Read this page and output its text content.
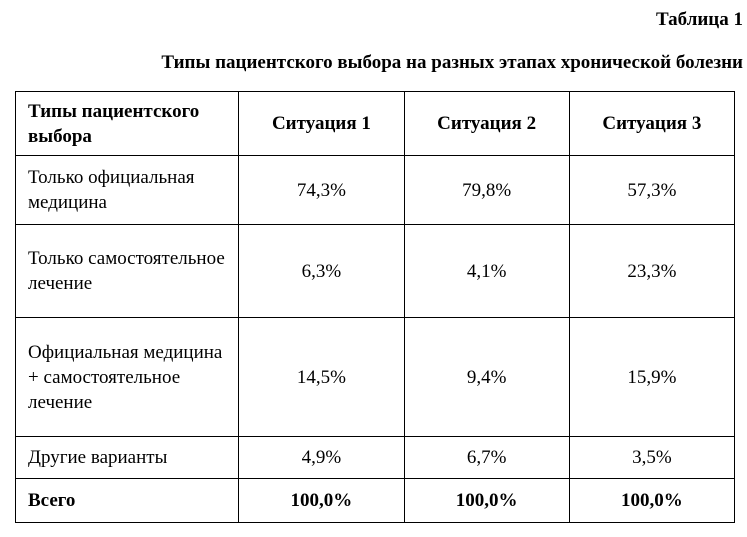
Таблица 1
Типы пациентского выбора на разных этапах хронической болезни
Типы пациентского выбора	Ситуация 1	Ситуация 2	Ситуация 3
Только официальная медицина	74,3%	79,8%	57,3%
Только самостоятельное лечение	6,3%	4,1%	23,3%
Официальная медицина + самостоятельное лечение	14,5%	9,4%	15,9%
Другие варианты	4,9%	6,7%	3,5%
Всего	100,0%	100,0%	100,0%
